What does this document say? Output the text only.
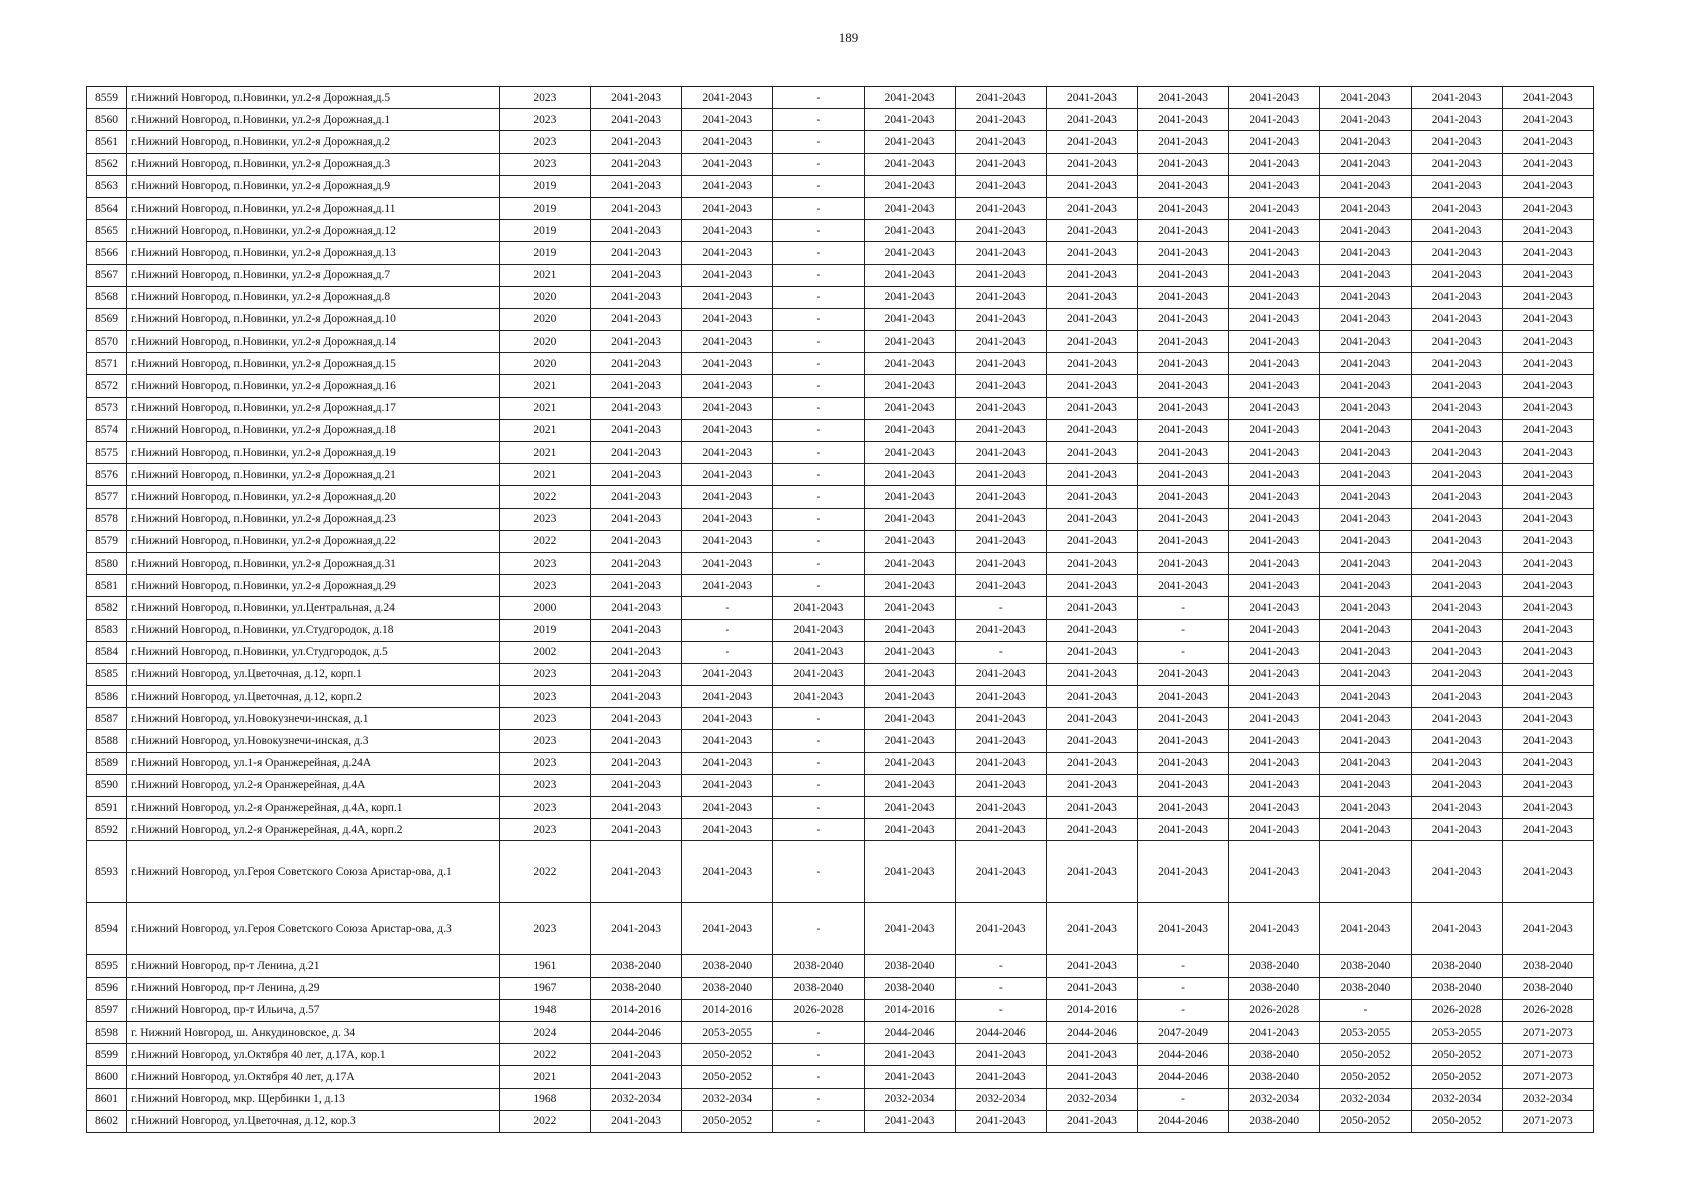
189
8559	г.Нижний Новгород, п.Новинки, ул.2-я Дорожная,д.5	2023	2041-2043	2041-2043	-	2041-2043	2041-2043	2041-2043	2041-2043	2041-2043	2041-2043	2041-2043	2041-2043
8560	г.Нижний Новгород, п.Новинки, ул.2-я Дорожная,д.1	2023	2041-2043	2041-2043	-	2041-2043	2041-2043	2041-2043	2041-2043	2041-2043	2041-2043	2041-2043	2041-2043
8561	г.Нижний Новгород, п.Новинки, ул.2-я Дорожная,д.2	2023	2041-2043	2041-2043	-	2041-2043	2041-2043	2041-2043	2041-2043	2041-2043	2041-2043	2041-2043	2041-2043
8562	г.Нижний Новгород, п.Новинки, ул.2-я Дорожная,д.3	2023	2041-2043	2041-2043	-	2041-2043	2041-2043	2041-2043	2041-2043	2041-2043	2041-2043	2041-2043	2041-2043
8563	г.Нижний Новгород, п.Новинки, ул.2-я Дорожная,д.9	2019	2041-2043	2041-2043	-	2041-2043	2041-2043	2041-2043	2041-2043	2041-2043	2041-2043	2041-2043	2041-2043
8564	г.Нижний Новгород, п.Новинки, ул.2-я Дорожная,д.11	2019	2041-2043	2041-2043	-	2041-2043	2041-2043	2041-2043	2041-2043	2041-2043	2041-2043	2041-2043	2041-2043
8565	г.Нижний Новгород, п.Новинки, ул.2-я Дорожная,д.12	2019	2041-2043	2041-2043	-	2041-2043	2041-2043	2041-2043	2041-2043	2041-2043	2041-2043	2041-2043	2041-2043
8566	г.Нижний Новгород, п.Новинки, ул.2-я Дорожная,д.13	2019	2041-2043	2041-2043	-	2041-2043	2041-2043	2041-2043	2041-2043	2041-2043	2041-2043	2041-2043	2041-2043
8567	г.Нижний Новгород, п.Новинки, ул.2-я Дорожная,д.7	2021	2041-2043	2041-2043	-	2041-2043	2041-2043	2041-2043	2041-2043	2041-2043	2041-2043	2041-2043	2041-2043
8568	г.Нижний Новгород, п.Новинки, ул.2-я Дорожная,д.8	2020	2041-2043	2041-2043	-	2041-2043	2041-2043	2041-2043	2041-2043	2041-2043	2041-2043	2041-2043	2041-2043
8569	г.Нижний Новгород, п.Новинки, ул.2-я Дорожная,д.10	2020	2041-2043	2041-2043	-	2041-2043	2041-2043	2041-2043	2041-2043	2041-2043	2041-2043	2041-2043	2041-2043
8570	г.Нижний Новгород, п.Новинки, ул.2-я Дорожная,д.14	2020	2041-2043	2041-2043	-	2041-2043	2041-2043	2041-2043	2041-2043	2041-2043	2041-2043	2041-2043	2041-2043
8571	г.Нижний Новгород, п.Новинки, ул.2-я Дорожная,д.15	2020	2041-2043	2041-2043	-	2041-2043	2041-2043	2041-2043	2041-2043	2041-2043	2041-2043	2041-2043	2041-2043
8572	г.Нижний Новгород, п.Новинки, ул.2-я Дорожная,д.16	2021	2041-2043	2041-2043	-	2041-2043	2041-2043	2041-2043	2041-2043	2041-2043	2041-2043	2041-2043	2041-2043
8573	г.Нижний Новгород, п.Новинки, ул.2-я Дорожная,д.17	2021	2041-2043	2041-2043	-	2041-2043	2041-2043	2041-2043	2041-2043	2041-2043	2041-2043	2041-2043	2041-2043
8574	г.Нижний Новгород, п.Новинки, ул.2-я Дорожная,д.18	2021	2041-2043	2041-2043	-	2041-2043	2041-2043	2041-2043	2041-2043	2041-2043	2041-2043	2041-2043	2041-2043
8575	г.Нижний Новгород, п.Новинки, ул.2-я Дорожная,д.19	2021	2041-2043	2041-2043	-	2041-2043	2041-2043	2041-2043	2041-2043	2041-2043	2041-2043	2041-2043	2041-2043
8576	г.Нижний Новгород, п.Новинки, ул.2-я Дорожная,д.21	2021	2041-2043	2041-2043	-	2041-2043	2041-2043	2041-2043	2041-2043	2041-2043	2041-2043	2041-2043	2041-2043
8577	г.Нижний Новгород, п.Новинки, ул.2-я Дорожная,д.20	2022	2041-2043	2041-2043	-	2041-2043	2041-2043	2041-2043	2041-2043	2041-2043	2041-2043	2041-2043	2041-2043
8578	г.Нижний Новгород, п.Новинки, ул.2-я Дорожная,д.23	2023	2041-2043	2041-2043	-	2041-2043	2041-2043	2041-2043	2041-2043	2041-2043	2041-2043	2041-2043	2041-2043
8579	г.Нижний Новгород, п.Новинки, ул.2-я Дорожная,д.22	2022	2041-2043	2041-2043	-	2041-2043	2041-2043	2041-2043	2041-2043	2041-2043	2041-2043	2041-2043	2041-2043
8580	г.Нижний Новгород, п.Новинки, ул.2-я Дорожная,д.31	2023	2041-2043	2041-2043	-	2041-2043	2041-2043	2041-2043	2041-2043	2041-2043	2041-2043	2041-2043	2041-2043
8581	г.Нижний Новгород, п.Новинки, ул.2-я Дорожная,д.29	2023	2041-2043	2041-2043	-	2041-2043	2041-2043	2041-2043	2041-2043	2041-2043	2041-2043	2041-2043	2041-2043
8582	г.Нижний Новгород, п.Новинки, ул.Центральная, д.24	2000	2041-2043	-	2041-2043	2041-2043	-	2041-2043	-	2041-2043	2041-2043	2041-2043	2041-2043
8583	г.Нижний Новгород, п.Новинки, ул.Студгородок, д.18	2019	2041-2043	-	2041-2043	2041-2043	2041-2043	2041-2043	-	2041-2043	2041-2043	2041-2043	2041-2043
8584	г.Нижний Новгород, п.Новинки, ул.Студгородок, д.5	2002	2041-2043	-	2041-2043	2041-2043	-	2041-2043	-	2041-2043	2041-2043	2041-2043	2041-2043
8585	г.Нижний Новгород, ул.Цветочная, д.12, корп.1	2023	2041-2043	2041-2043	2041-2043	2041-2043	2041-2043	2041-2043	2041-2043	2041-2043	2041-2043	2041-2043	2041-2043
8586	г.Нижний Новгород, ул.Цветочная, д.12, корп.2	2023	2041-2043	2041-2043	2041-2043	2041-2043	2041-2043	2041-2043	2041-2043	2041-2043	2041-2043	2041-2043	2041-2043
8587	г.Нижний Новгород, ул.Новокузнечи-инская, д.1	2023	2041-2043	2041-2043	-	2041-2043	2041-2043	2041-2043	2041-2043	2041-2043	2041-2043	2041-2043	2041-2043
8588	г.Нижний Новгород, ул.Новокузнечи-инская, д.3	2023	2041-2043	2041-2043	-	2041-2043	2041-2043	2041-2043	2041-2043	2041-2043	2041-2043	2041-2043	2041-2043
8589	г.Нижний Новгород, ул.1-я Оранжерейная, д.24А	2023	2041-2043	2041-2043	-	2041-2043	2041-2043	2041-2043	2041-2043	2041-2043	2041-2043	2041-2043	2041-2043
8590	г.Нижний Новгород, ул.2-я Оранжерейная, д.4А	2023	2041-2043	2041-2043	-	2041-2043	2041-2043	2041-2043	2041-2043	2041-2043	2041-2043	2041-2043	2041-2043
8591	г.Нижний Новгород, ул.2-я Оранжерейная, д.4А, корп.1	2023	2041-2043	2041-2043	-	2041-2043	2041-2043	2041-2043	2041-2043	2041-2043	2041-2043	2041-2043	2041-2043
8592	г.Нижний Новгород, ул.2-я Оранжерейная, д.4А, корп.2	2023	2041-2043	2041-2043	-	2041-2043	2041-2043	2041-2043	2041-2043	2041-2043	2041-2043	2041-2043	2041-2043
8593	г.Нижний Новгород, ул.Героя Советского Союза Аристар-ова, д.1	2022	2041-2043	2041-2043	-	2041-2043	2041-2043	2041-2043	2041-2043	2041-2043	2041-2043	2041-2043	2041-2043
8594	г.Нижний Новгород, ул.Героя Советского Союза Аристар-ова, д.3	2023	2041-2043	2041-2043	-	2041-2043	2041-2043	2041-2043	2041-2043	2041-2043	2041-2043	2041-2043	2041-2043
8595	г.Нижний Новгород, пр-т Ленина, д.21	1961	2038-2040	2038-2040	2038-2040	2038-2040	-	2041-2043	-	2038-2040	2038-2040	2038-2040	2038-2040
8596	г.Нижний Новгород, пр-т Ленина, д.29	1967	2038-2040	2038-2040	2038-2040	2038-2040	-	2041-2043	-	2038-2040	2038-2040	2038-2040	2038-2040
8597	г.Нижний Новгород, пр-т Ильича, д.57	1948	2014-2016	2014-2016	2026-2028	2014-2016	-	2014-2016	-	2026-2028	-	2026-2028	2026-2028
8598	г. Нижний Новгород, ш. Анкудиновское, д. 34	2024	2044-2046	2053-2055	-	2044-2046	2044-2046	2044-2046	2047-2049	2041-2043	2053-2055	2053-2055	2071-2073
8599	г.Нижний Новгород, ул.Октября 40 лет, д.17А, кор.1	2022	2041-2043	2050-2052	-	2041-2043	2041-2043	2041-2043	2044-2046	2038-2040	2050-2052	2050-2052	2071-2073
8600	г.Нижний Новгород, ул.Октября 40 лет, д.17А	2021	2041-2043	2050-2052	-	2041-2043	2041-2043	2041-2043	2044-2046	2038-2040	2050-2052	2050-2052	2071-2073
8601	г.Нижний Новгород, мкр. Щербинки 1, д.13	1968	2032-2034	2032-2034	-	2032-2034	2032-2034	2032-2034	-	2032-2034	2032-2034	2032-2034	2032-2034
8602	г.Нижний Новгород, ул.Цветочная, д.12, кор.3	2022	2041-2043	2050-2052	-	2041-2043	2041-2043	2041-2043	2044-2046	2038-2040	2050-2052	2050-2052	2071-2073
